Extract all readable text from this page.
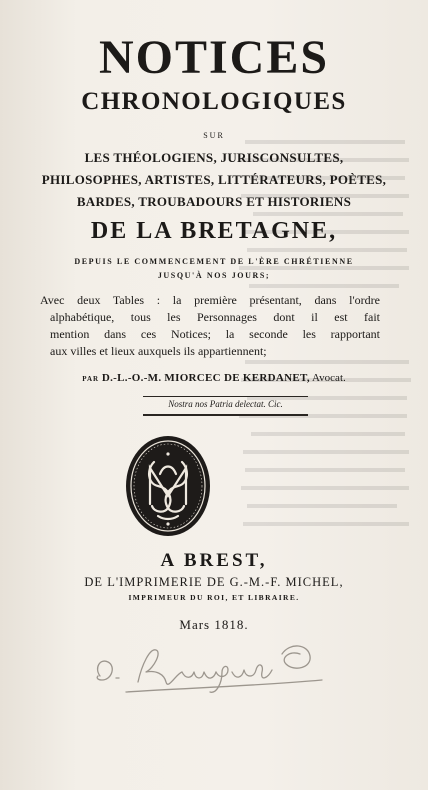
NOTICES
CHRONOLOGIQUES
SUR
LES THÉOLOGIENS, JURISCONSULTES,
PHILOSOPHES, ARTISTES, LITTÉRATEURS, POÈTES,
BARDES, TROUBADOURS ET HISTORIENS
DE LA BRETAGNE,
DEPUIS LE COMMENCEMENT DE L'ÈRE CHRÉTIENNE
JUSQU'À NOS JOURS;
Avec deux Tables : la première présentant, dans l'ordre
alphabétique, tous les Personnages dont il est fait
mention dans ces Notices; la seconde les rapportant
aux villes et lieux auxquels ils appartiennent;
PAR D.-L.-O.-M. MIORCEC DE KERDANET, Avocat.
Nostra nos Patria delectat. Cic.
A BREST,
DE L'IMPRIMERIE DE G.-M.-F. MICHEL,
IMPRIMEUR DU ROI, ET LIBRAIRE.
Mars 1818.
